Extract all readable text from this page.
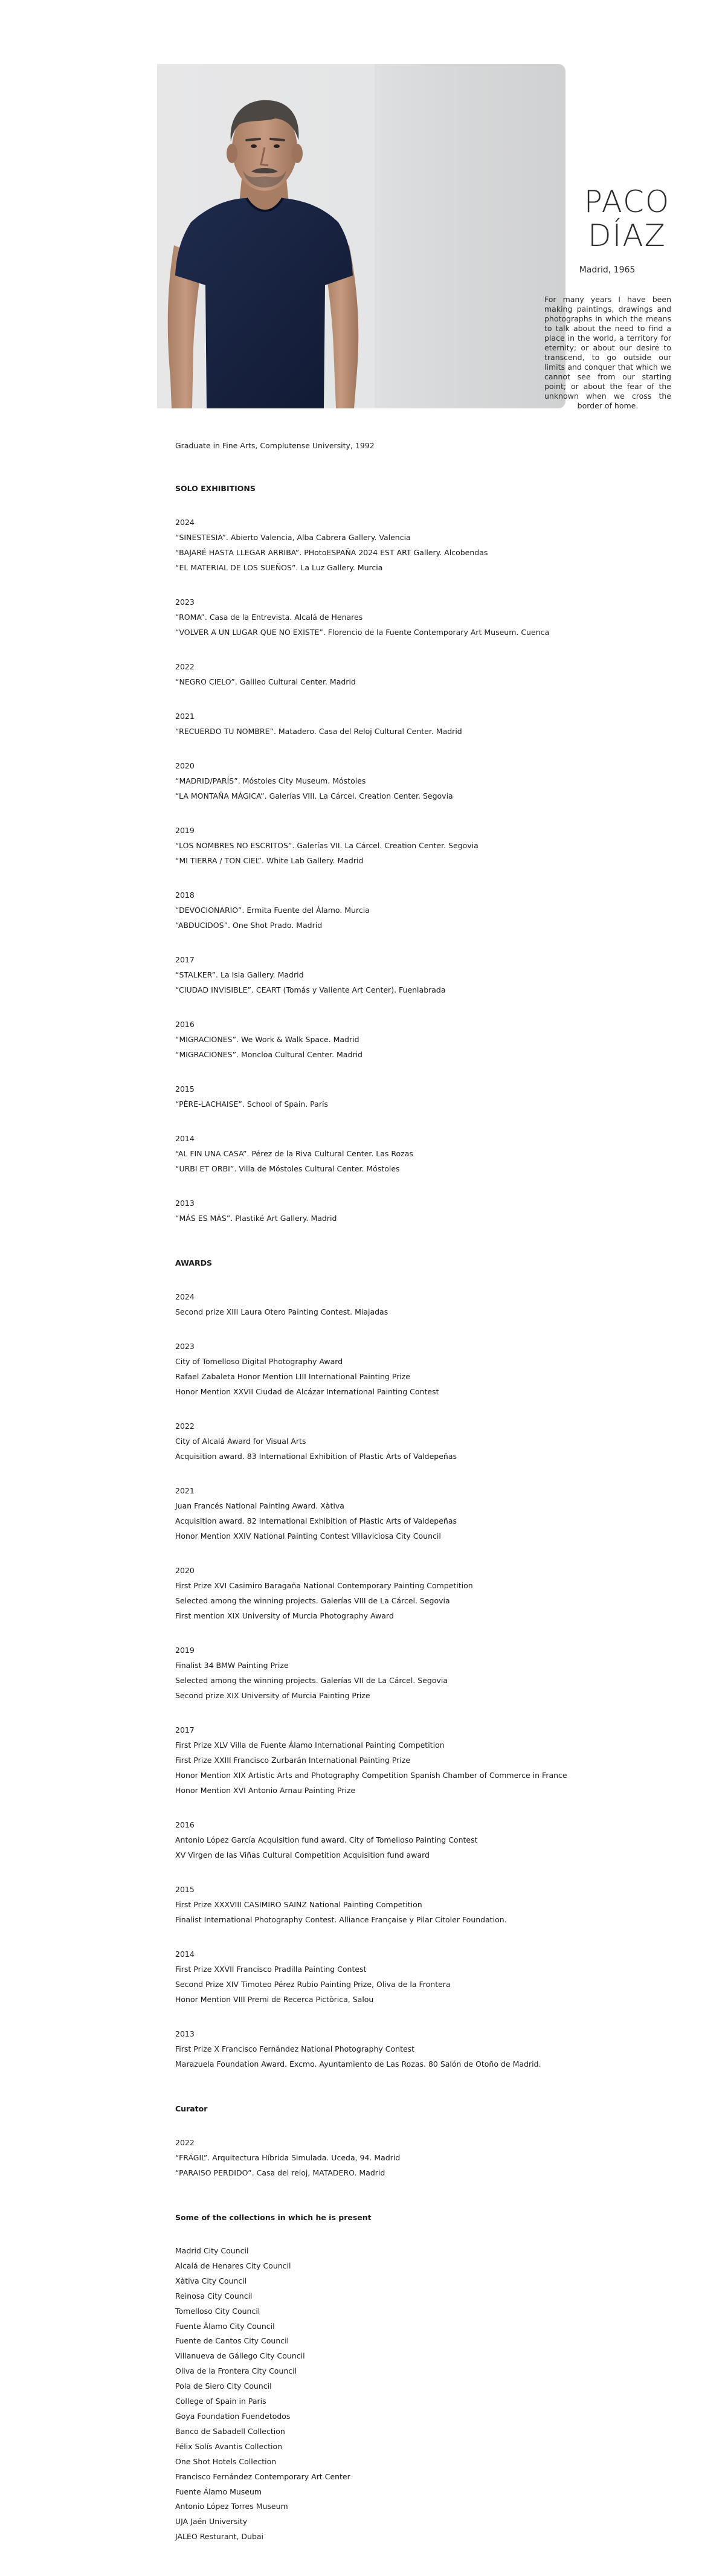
PACO
DÍAZ
Madrid, 1965
For many years I have been making paintings, drawings and photographs in which the means to talk about the need to find a place in the world, a territory for eternity; or about our desire to transcend, to go outside our limits and conquer that which we cannot see from our starting point; or about the fear of the unknown when we cross the border of home.
Graduate in Fine Arts, Complutense University, 1992
SOLO EXHIBITIONS
2024
“SINESTESIA”. Abierto Valencia, Alba Cabrera Gallery. Valencia
“BAJARÉ HASTA LLEGAR ARRIBA”. PHotoESPAÑA 2024 EST ART Gallery. Alcobendas
“EL MATERIAL DE LOS SUEÑOS”. La Luz Gallery. Murcia
2023
“ROMA”. Casa de la Entrevista. Alcalá de Henares
“VOLVER A UN LUGAR QUE NO EXISTE”. Florencio de la Fuente Contemporary Art Museum. Cuenca
2022
“NEGRO CIELO”. Galileo Cultural Center. Madrid
2021
“RECUERDO TU NOMBRE”. Matadero. Casa del Reloj Cultural Center. Madrid
2020
“MADRID/PARÍS”. Móstoles City Museum. Móstoles
“LA MONTAÑA MÁGICA”. Galerías VIII. La Cárcel. Creation Center. Segovia
2019
“LOS NOMBRES NO ESCRITOS”. Galerías VII. La Cárcel. Creation Center. Segovia
“MI TIERRA / TON CIEL”. White Lab Gallery. Madrid
2018
“DEVOCIONARIO”. Ermita Fuente del Álamo. Murcia
“ABDUCIDOS”. One Shot Prado. Madrid
2017
“STALKER”. La Isla Gallery. Madrid
“CIUDAD INVISIBLE”. CEART (Tomás y Valiente Art Center). Fuenlabrada
2016
“MIGRACIONES”. We Work & Walk Space. Madrid
“MIGRACIONES”. Moncloa Cultural Center. Madrid
2015
“PÈRE-LACHAISE”. School of Spain. París
2014
“AL FIN UNA CASA”. Pérez de la Riva Cultural Center. Las Rozas
“URBI ET ORBI”. Villa de Móstoles Cultural Center. Móstoles
2013
“MÁS ES MÁS”. Plastiké Art Gallery. Madrid
AWARDS
2024
Second prize XIII Laura Otero Painting Contest. Miajadas
2023
City of Tomelloso Digital Photography Award
Rafael Zabaleta Honor Mention LIII International Painting Prize
Honor Mention XXVII Ciudad de Alcázar International Painting Contest
2022
City of Alcalá Award for Visual Arts
Acquisition award. 83 International Exhibition of Plastic Arts of Valdepeñas
2021
Juan Francés National Painting Award. Xàtiva
Acquisition award. 82 International Exhibition of Plastic Arts of Valdepeñas
Honor Mention XXIV National Painting Contest Villaviciosa City Council
2020
First Prize XVI Casimiro Baragaña National Contemporary Painting Competition
Selected among the winning projects. Galerías VIII de La Cárcel. Segovia
First mention XIX University of Murcia Photography Award
2019
Finalist 34 BMW Painting Prize
Selected among the winning projects. Galerías VII de La Cárcel. Segovia
Second prize XIX University of Murcia Painting Prize
2017
First Prize XLV Villa de Fuente Álamo International Painting Competition
First Prize XXIII Francisco Zurbarán International Painting Prize
Honor Mention XIX Artistic Arts and Photography Competition Spanish Chamber of Commerce in France
Honor Mention XVI Antonio Arnau Painting Prize
2016
Antonio López García Acquisition fund award. City of Tomelloso Painting Contest
XV Virgen de las Viñas Cultural Competition Acquisition fund award
2015
First Prize XXXVIII CASIMIRO SAINZ National Painting Competition
Finalist International Photography Contest. Alliance Française y Pilar Citoler Foundation.
2014
First Prize XXVII Francisco Pradilla Painting Contest
Second Prize XIV Timoteo Pérez Rubio Painting Prize, Oliva de la Frontera
Honor Mention VIII Premi de Recerca Pictòrica, Salou
2013
First Prize X Francisco Fernández National Photography Contest
Marazuela Foundation Award. Excmo. Ayuntamiento de Las Rozas. 80 Salón de Otoño de Madrid.
Curator
2022
“FRÁGIL”. Arquitectura Híbrida Simulada. Uceda, 94. Madrid
“PARAISO PERDIDO”. Casa del reloj, MATADERO. Madrid
Some of the collections in which he is present
Madrid City Council
Alcalá de Henares City Council
Xàtiva City Council
Reinosa City Council
Tomelloso City Council
Fuente Álamo City Council
Fuente de Cantos City Council
Villanueva de Gállego City Council
Oliva de la Frontera City Council
Pola de Siero City Council
College of Spain in Paris
Goya Foundation Fuendetodos
Banco de Sabadell Collection
Félix Solís Avantis Collection
One Shot Hotels Collection
Francisco Fernández Contemporary Art Center
Fuente Álamo Museum
Antonio López Torres Museum
UJA Jaén University
JALEO Resturant, Dubai
